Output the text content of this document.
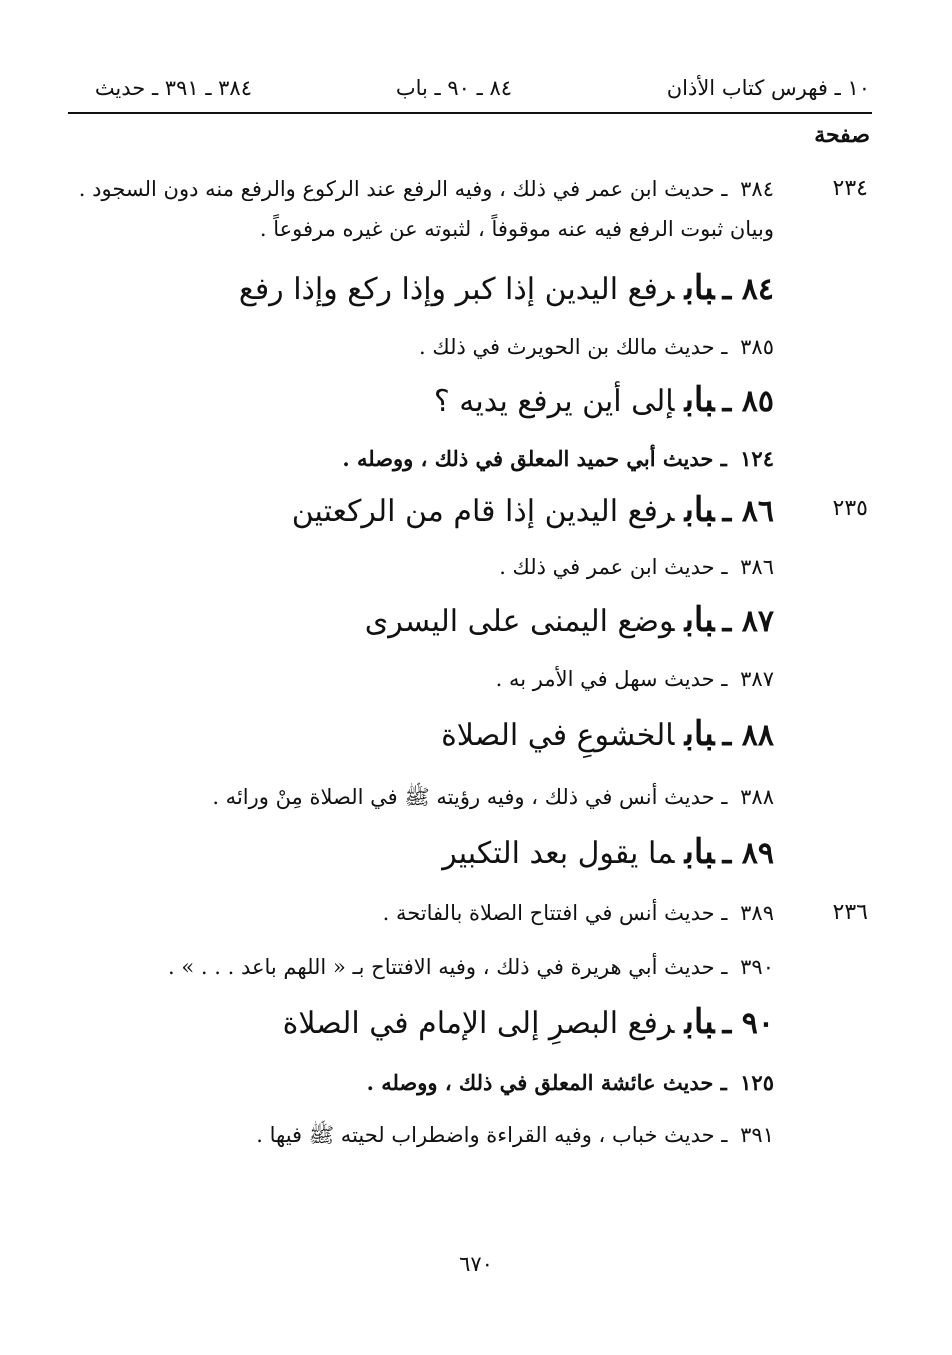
١٠ ـ فهرس كتاب الأذان
٨٤ ـ ٩٠ ـ باب
٣٨٤ ـ ٣٩١ ـ حديث
صفحة
٢٣٤
٢٣٥
٢٣٦
٣٨٤ ـ حديث ابن عمر في ذلك ، وفيه الرفع عند الركوع والرفع منه دون السجود .
وبيان ثبوت الرفع فيه عنه موقوفاً ، لثبوته عن غيره مرفوعاً .
٨٤ ـبابرفع اليدين إذا كبر وإذا ركع وإذا رفع
٣٨٥ ـ حديث مالك بن الحويرث في ذلك .
٨٥ ـبابإلى أين يرفع يديه ؟
١٢٤ ـ حديث أبي حميد المعلق في ذلك ، ووصله .
٨٦ ـبابرفع اليدين إذا قام من الركعتين
٣٨٦ ـ حديث ابن عمر في ذلك .
٨٧ ـبابوضع اليمنى على اليسرى
٣٨٧ ـ حديث سهل في الأمر به .
٨٨ ـبابالخشوعِ في الصلاة
٣٨٨ ـ حديث أنس في ذلك ، وفيه رؤيته ﷺ في الصلاة مِنْ ورائه .
٨٩ ـبابما يقول بعد التكبير
٣٨٩ ـ حديث أنس في افتتاح الصلاة بالفاتحة .
٣٩٠ ـ حديث أبي هريرة في ذلك ، وفيه الافتتاح بـ « اللهم باعد . . . » .
٩٠ ـبابرفع البصرِ إلى الإمام في الصلاة
١٢٥ ـ حديث عائشة المعلق في ذلك ، ووصله .
٣٩١ ـ حديث خباب ، وفيه القراءة واضطراب لحيته ﷺ فيها .
٦٧٠
